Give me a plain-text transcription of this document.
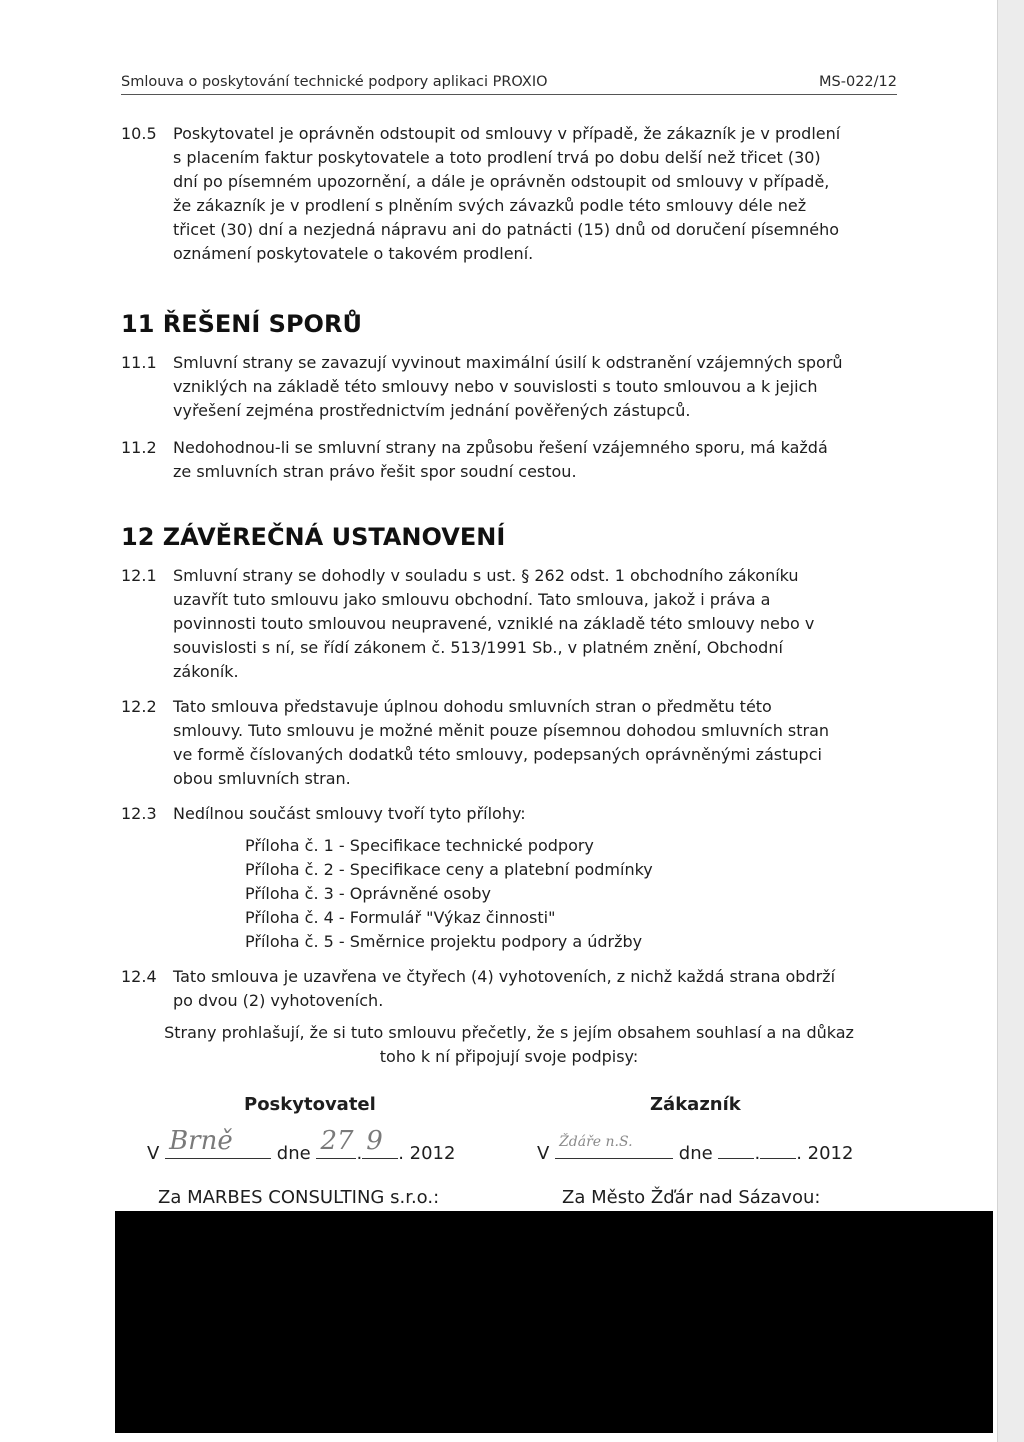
Smlouva o poskytování technické podpory aplikaci PROXIO	MS-022/12
10.5 Poskytovatel je oprávněn odstoupit od smlouvy v případě, že zákazník je v prodlení
s placením faktur poskytovatele a toto prodlení trvá po dobu delší než třicet (30)
dní po písemném upozornění, a dále je oprávněn odstoupit od smlouvy v případě,
že zákazník je v prodlení s plněním svých závazků podle této smlouvy déle než
třicet (30) dní a nezjedná nápravu ani do patnácti (15) dnů od doručení písemného
oznámení poskytovatele o takovém prodlení.
11 ŘEŠENÍ SPORŮ
11.1 Smluvní strany se zavazují vyvinout maximální úsilí k odstranění vzájemných sporů
vzniklých na základě této smlouvy nebo v souvislosti s touto smlouvou a k jejich
vyřešení zejména prostřednictvím jednání pověřených zástupců.
11.2 Nedohodnou-li se smluvní strany na způsobu řešení vzájemného sporu, má každá
ze smluvních stran právo řešit spor soudní cestou.
12 ZÁVĚREČNÁ USTANOVENÍ
12.1 Smluvní strany se dohodly v souladu s ust. § 262 odst. 1 obchodního zákoníku
uzavřít tuto smlouvu jako smlouvu obchodní. Tato smlouva, jakož i práva a
povinnosti touto smlouvou neupravené, vzniklé na základě této smlouvy nebo v
souvislosti s ní, se řídí zákonem č. 513/1991 Sb., v platném znění, Obchodní
zákoník.
12.2 Tato smlouva představuje úplnou dohodu smluvních stran o předmětu této
smlouvy. Tuto smlouvu je možné měnit pouze písemnou dohodou smluvních stran
ve formě číslovaných dodatků této smlouvy, podepsaných oprávněnými zástupci
obou smluvních stran.
12.3 Nedílnou součást smlouvy tvoří tyto přílohy:
Příloha č. 1 - Specifikace technické podpory
Příloha č. 2 - Specifikace ceny a platební podmínky
Příloha č. 3 - Oprávněné osoby
Příloha č. 4 - Formulář "Výkaz činnosti"
Příloha č. 5 - Směrnice projektu podpory a údržby
12.4 Tato smlouva je uzavřena ve čtyřech (4) vyhotoveních, z nichž každá strana obdrží
po dvou (2) vyhotoveních.
Strany prohlašují, že si tuto smlouvu přečetly, že s jejím obsahem souhlasí a na důkaz
toho k ní připojují svoje podpisy:
Poskytovatel
V Brně dne 27 . 9 . 2012
Za MARBES CONSULTING s.r.o.:
Zákazník
V
Ždáře n.S.
dne . . 2012
Za Město Žďár nad Sázavou:
